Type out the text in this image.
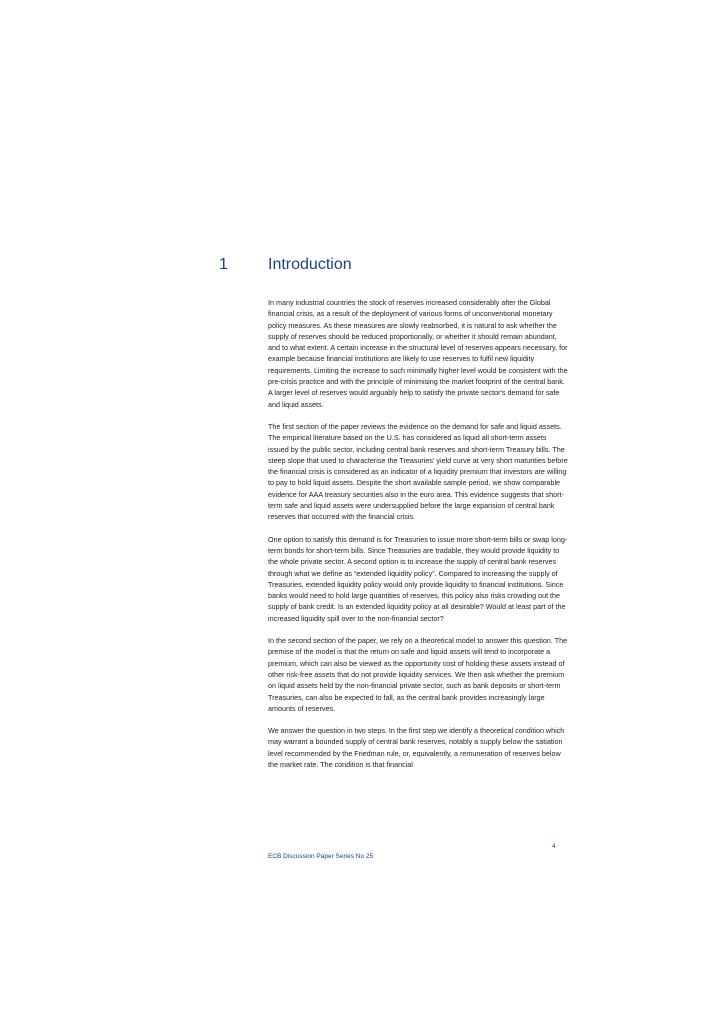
1	Introduction

In many industrial countries the stock of reserves increased considerably after the Global financial crisis, as a result of the deployment of various forms of unconventional monetary policy measures. As these measures are slowly reabsorbed, it is natural to ask whether the supply of reserves should be reduced proportionally, or whether it should remain abundant, and to what extent. A certain increase in the structural level of reserves appears necessary, for example because financial institutions are likely to use reserves to fulfil new liquidity requirements. Limiting the increase to such minimally higher level would be consistent with the pre-crisis practice and with the principle of minimising the market footprint of the central bank. A larger level of reserves would arguably help to satisfy the private sector's demand for safe and liquid assets.

The first section of the paper reviews the evidence on the demand for safe and liquid assets. The empirical literature based on the U.S. has considered as liquid all short-term assets issued by the public sector, including central bank reserves and short-term Treasury bills. The steep slope that used to characterise the Treasuries' yield curve at very short maturities before the financial crisis is considered as an indicator of a liquidity premium that investors are willing to pay to hold liquid assets. Despite the short available sample period, we show comparable evidence for AAA treasury securities also in the euro area. This evidence suggests that short-term safe and liquid assets were undersupplied before the large expansion of central bank reserves that occurred with the financial crisis.

One option to satisfy this demand is for Treasuries to issue more short-term bills or swap long-term bonds for short-term bills. Since Treasuries are tradable, they would provide liquidity to the whole private sector. A second option is to increase the supply of central bank reserves through what we define as “extended liquidity policy”. Compared to increasing the supply of Treasuries, extended liquidity policy would only provide liquidity to financial institutions. Since banks would need to hold large quantities of reserves, this policy also risks crowding out the supply of bank credit. Is an extended liquidity policy at all desirable? Would at least part of the increased liquidity spill over to the non-financial sector?

In the second section of the paper, we rely on a theoretical model to answer this question. The premise of the model is that the return on safe and liquid assets will tend to incorporate a premium, which can also be viewed as the opportunity cost of holding these assets instead of other risk-free assets that do not provide liquidity services. We then ask whether the premium on liquid assets held by the non-financial private sector, such as bank deposits or short-term Treasuries, can also be expected to fall, as the central bank provides increasingly large amounts of reserves.

We answer the question in two steps. In the first step we identify a theoretical condition which may warrant a bounded supply of central bank reserves, notably a supply below the satiation level recommended by the Friedman rule, or, equivalently, a remuneration of reserves below the market rate. The condition is that financial

4
ECB Discussion Paper Series No 25
